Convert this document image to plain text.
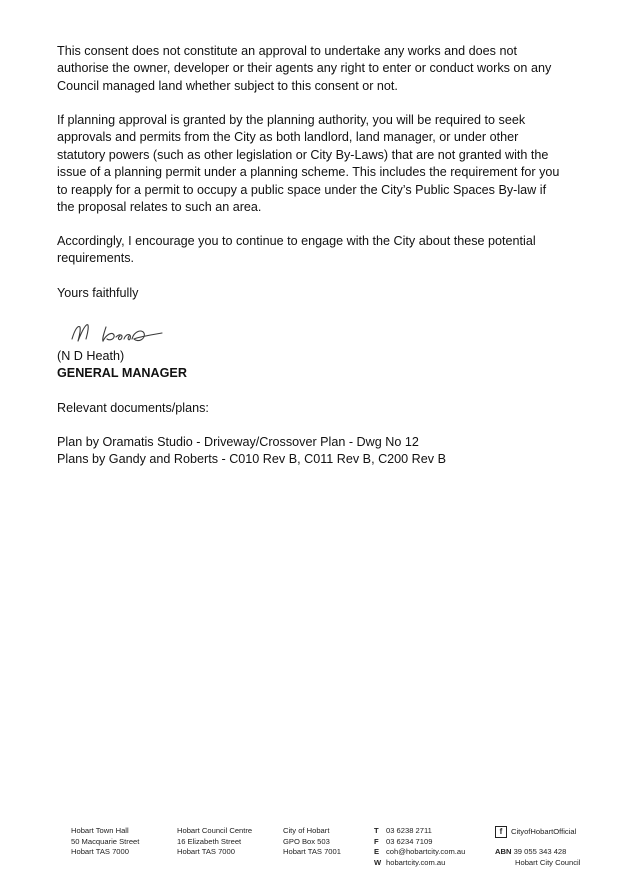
This consent does not constitute an approval to undertake any works and does not authorise the owner, developer or their agents any right to enter or conduct works on any Council managed land whether subject to this consent or not.

If planning approval is granted by the planning authority, you will be required to seek approvals and permits from the City as both landlord, land manager, or under other statutory powers (such as other legislation or City By-Laws) that are not granted with the issue of a planning permit under a planning scheme. This includes the requirement for you to reapply for a permit to occupy a public space under the City’s Public Spaces By-law if the proposal relates to such an area.

Accordingly, I encourage you to continue to engage with the City about these potential requirements.

Yours faithfully

(N D Heath)

GENERAL MANAGER

Relevant documents/plans:

Plan by Oramatis Studio - Driveway/Crossover Plan - Dwg No 12
Plans by Gandy and Roberts - C010 Rev B, C011 Rev B, C200 Rev B
Hobart Town Hall
50 Macquarie Street
Hobart TAS 7000
Hobart Council Centre
16 Elizabeth Street
Hobart TAS 7000
City of Hobart
GPO Box 503
Hobart TAS 7001
T 03 6238 2711
F 03 6234 7109
E coh@hobartcity.com.au
W hobartcity.com.au
f	CityofHobartOfficial
ABN 39 055 343 428
Hobart City Council
